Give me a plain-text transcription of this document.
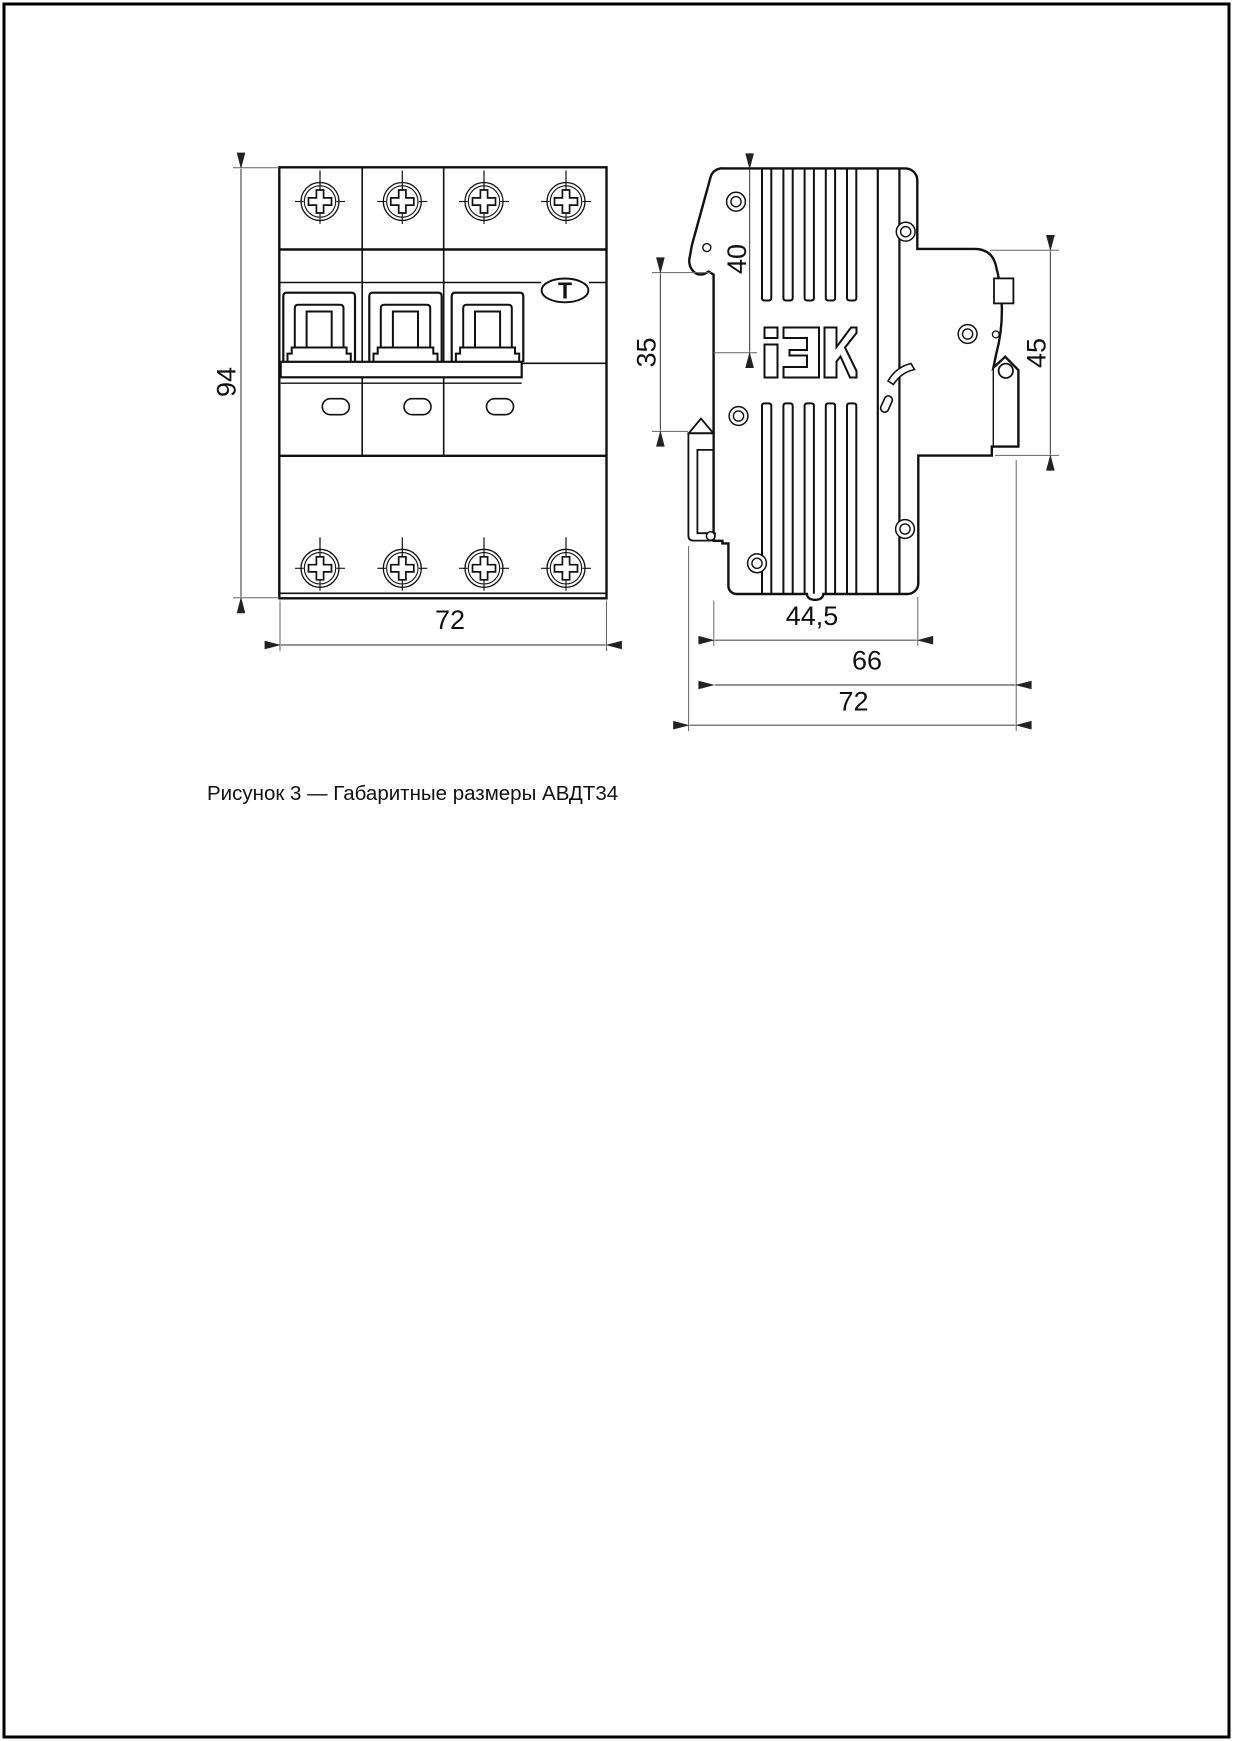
T
94
72
40
35	45
44,5
66
72
Рисунок 3 — Габаритные размеры АВДТ34
